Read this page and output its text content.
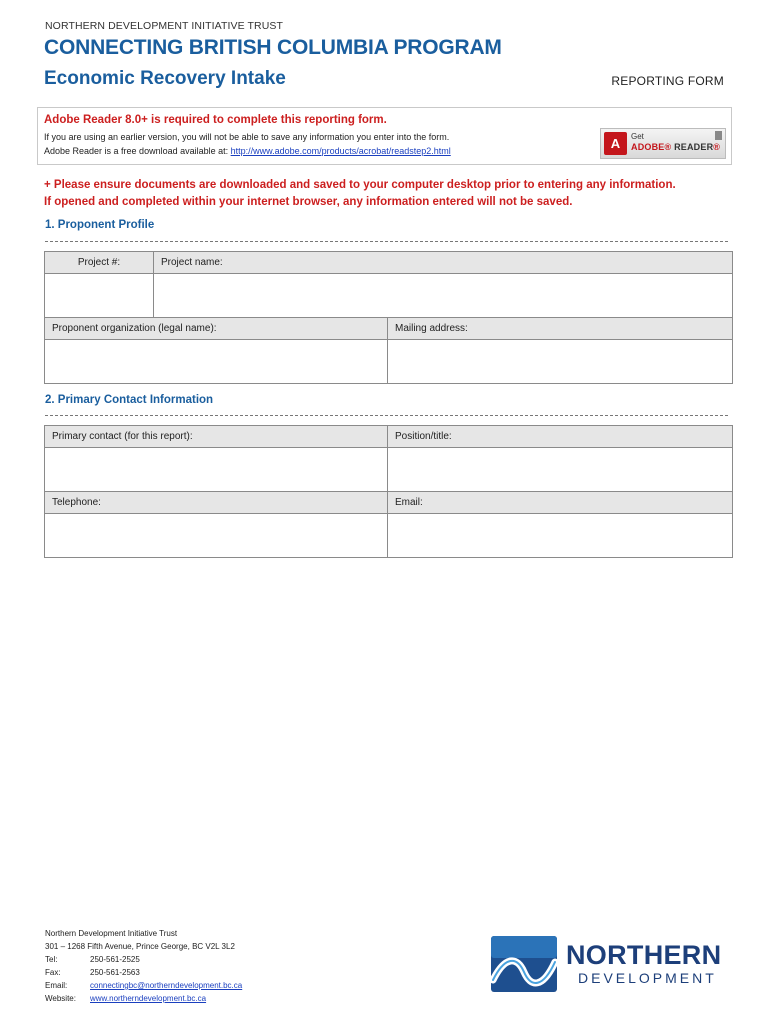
NORTHERN DEVELOPMENT INITIATIVE TRUST
CONNECTING BRITISH COLUMBIA PROGRAM
Economic Recovery Intake	REPORTING FORM
Adobe Reader 8.0+ is required to complete this reporting form.
If you are using an earlier version, you will not be able to save any information you enter into the form.
Adobe Reader is a free download available at: http://www.adobe.com/products/acrobat/readstep2.html	A	Get
ADOBE® READER®
+ Please ensure documents are downloaded and saved to your computer desktop prior to entering any information.
If opened and completed within your internet browser, any information entered will not be saved.
1. Proponent Profile
Project #:	Project name:	

Proponent organization (legal name):		Mailing address:

2. Primary Contact Information
Primary contact (for this report):	Position/title:

Telephone:	Email:

Northern Development Initiative Trust
301 – 1268 Fifth Avenue, Prince George, BC V2L 3L2
Tel:	250-561-2525
Fax:	250-561-2563
Email:	connectingbc@northerndevelopment.bc.ca
Website: www.northerndevelopment.bc.ca
NORTHERN
DEVELOPMENT
